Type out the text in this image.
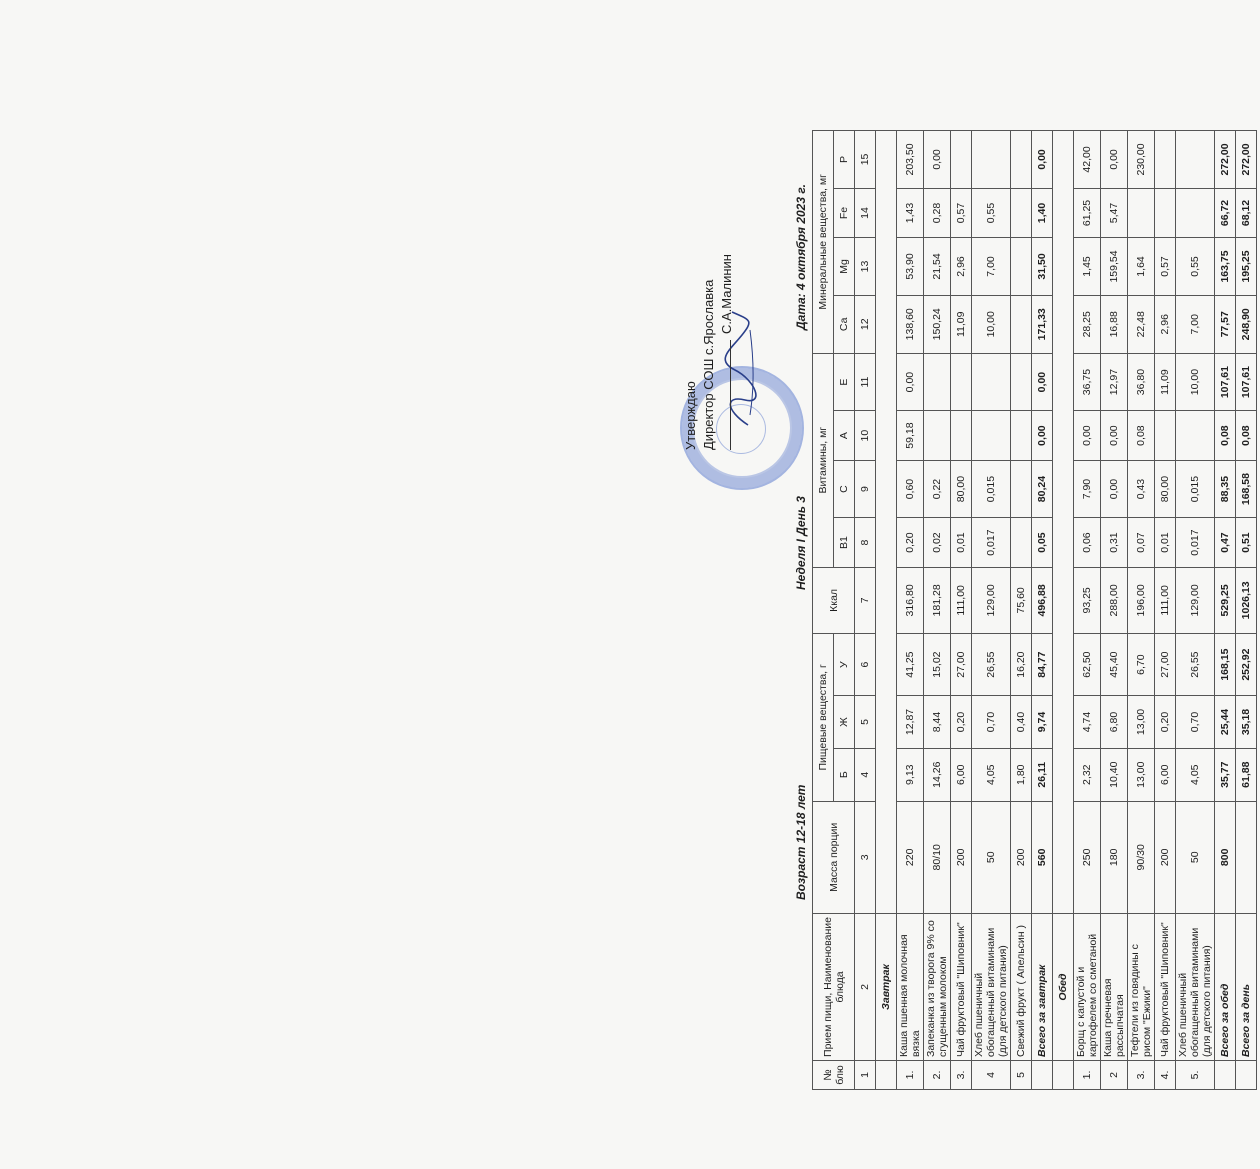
Утверждаю Директор СОШ с.Ярославка С.А.Малинин
Возраст 12-18 лет
Неделя I День 3
Дата: 4 октября 2023 г.
№ блю	Прием пищи, Наименование блюда	Масса порции	Пищевые вещества, г			Ккал	Витамины, мг				Минеральные вещества, мг			
			Б	Ж	У		В1	С	А	Е	Са	Mg	Fe	P
1	2	3	4	5	6	7	8	9	10	11	12	13	14	15
	Завтрак													
1.	Каша пшенная молочная вязка	220	9,13	12,87	41,25	316,80	0,20	0,60	59,18	0,00	138,60	53,90	1,43	203,50
2.	Запеканка из творога 9% со сгущенным молоком	80/10	14,26	8,44	15,02	181,28	0,02	0,22			150,24	21,54	0,28	0,00
3.	Чай фруктовый "Шиповник"	200	6,00	0,20	27,00	111,00	0,01	80,00			11,09	2,96	0,57	
4	Хлеб пшеничный обогащенный витаминами (для детского питания)	50	4,05	0,70	26,55	129,00	0,017	0,015			10,00	7,00	0,55	
5	Свежий фрукт ( Апельсин )	200	1,80	0,40	16,20	75,60								
	Всего за завтрак	560	26,11	9,74	84,77	496,88	0,05	80,24	0,00	0,00	171,33	31,50	1,40	0,00
	Обед													
1.	Борщ с капустой и картофелем со сметаной	250	2,32	4,74	62,50	93,25	0,06	7,90	0,00	36,75	28,25	1,45	61,25	42,00
2	Каша гречневая рассыпчатая	180	10,40	6,80	45,40	288,00	0,31	0,00	0,00	12,97	16,88	159,54	5,47	0,00
3.	Тефтели из говядины с рисом "Ежики"	90/30	13,00	13,00	6,70	196,00	0,07	0,43	0,08	36,80	22,48	1,64		230,00
4.	Чай фруктовый "Шиповник"	200	6,00	0,20	27,00	111,00	0,01	80,00		11,09	2,96	0,57		
5.	Хлеб пшеничный обогащенный витаминами (для детского питания)	50	4,05	0,70	26,55	129,00	0,017	0,015		10,00	7,00	0,55		
	Всего за обед	800	35,77	25,44	168,15	529,25	0,47	88,35	0,08	107,61	77,57	163,75	66,72	272,00
	Всего за день		61,88	35,18	252,92	1026,13	0,51	168,58	0,08	107,61	248,90	195,25	68,12	272,00
